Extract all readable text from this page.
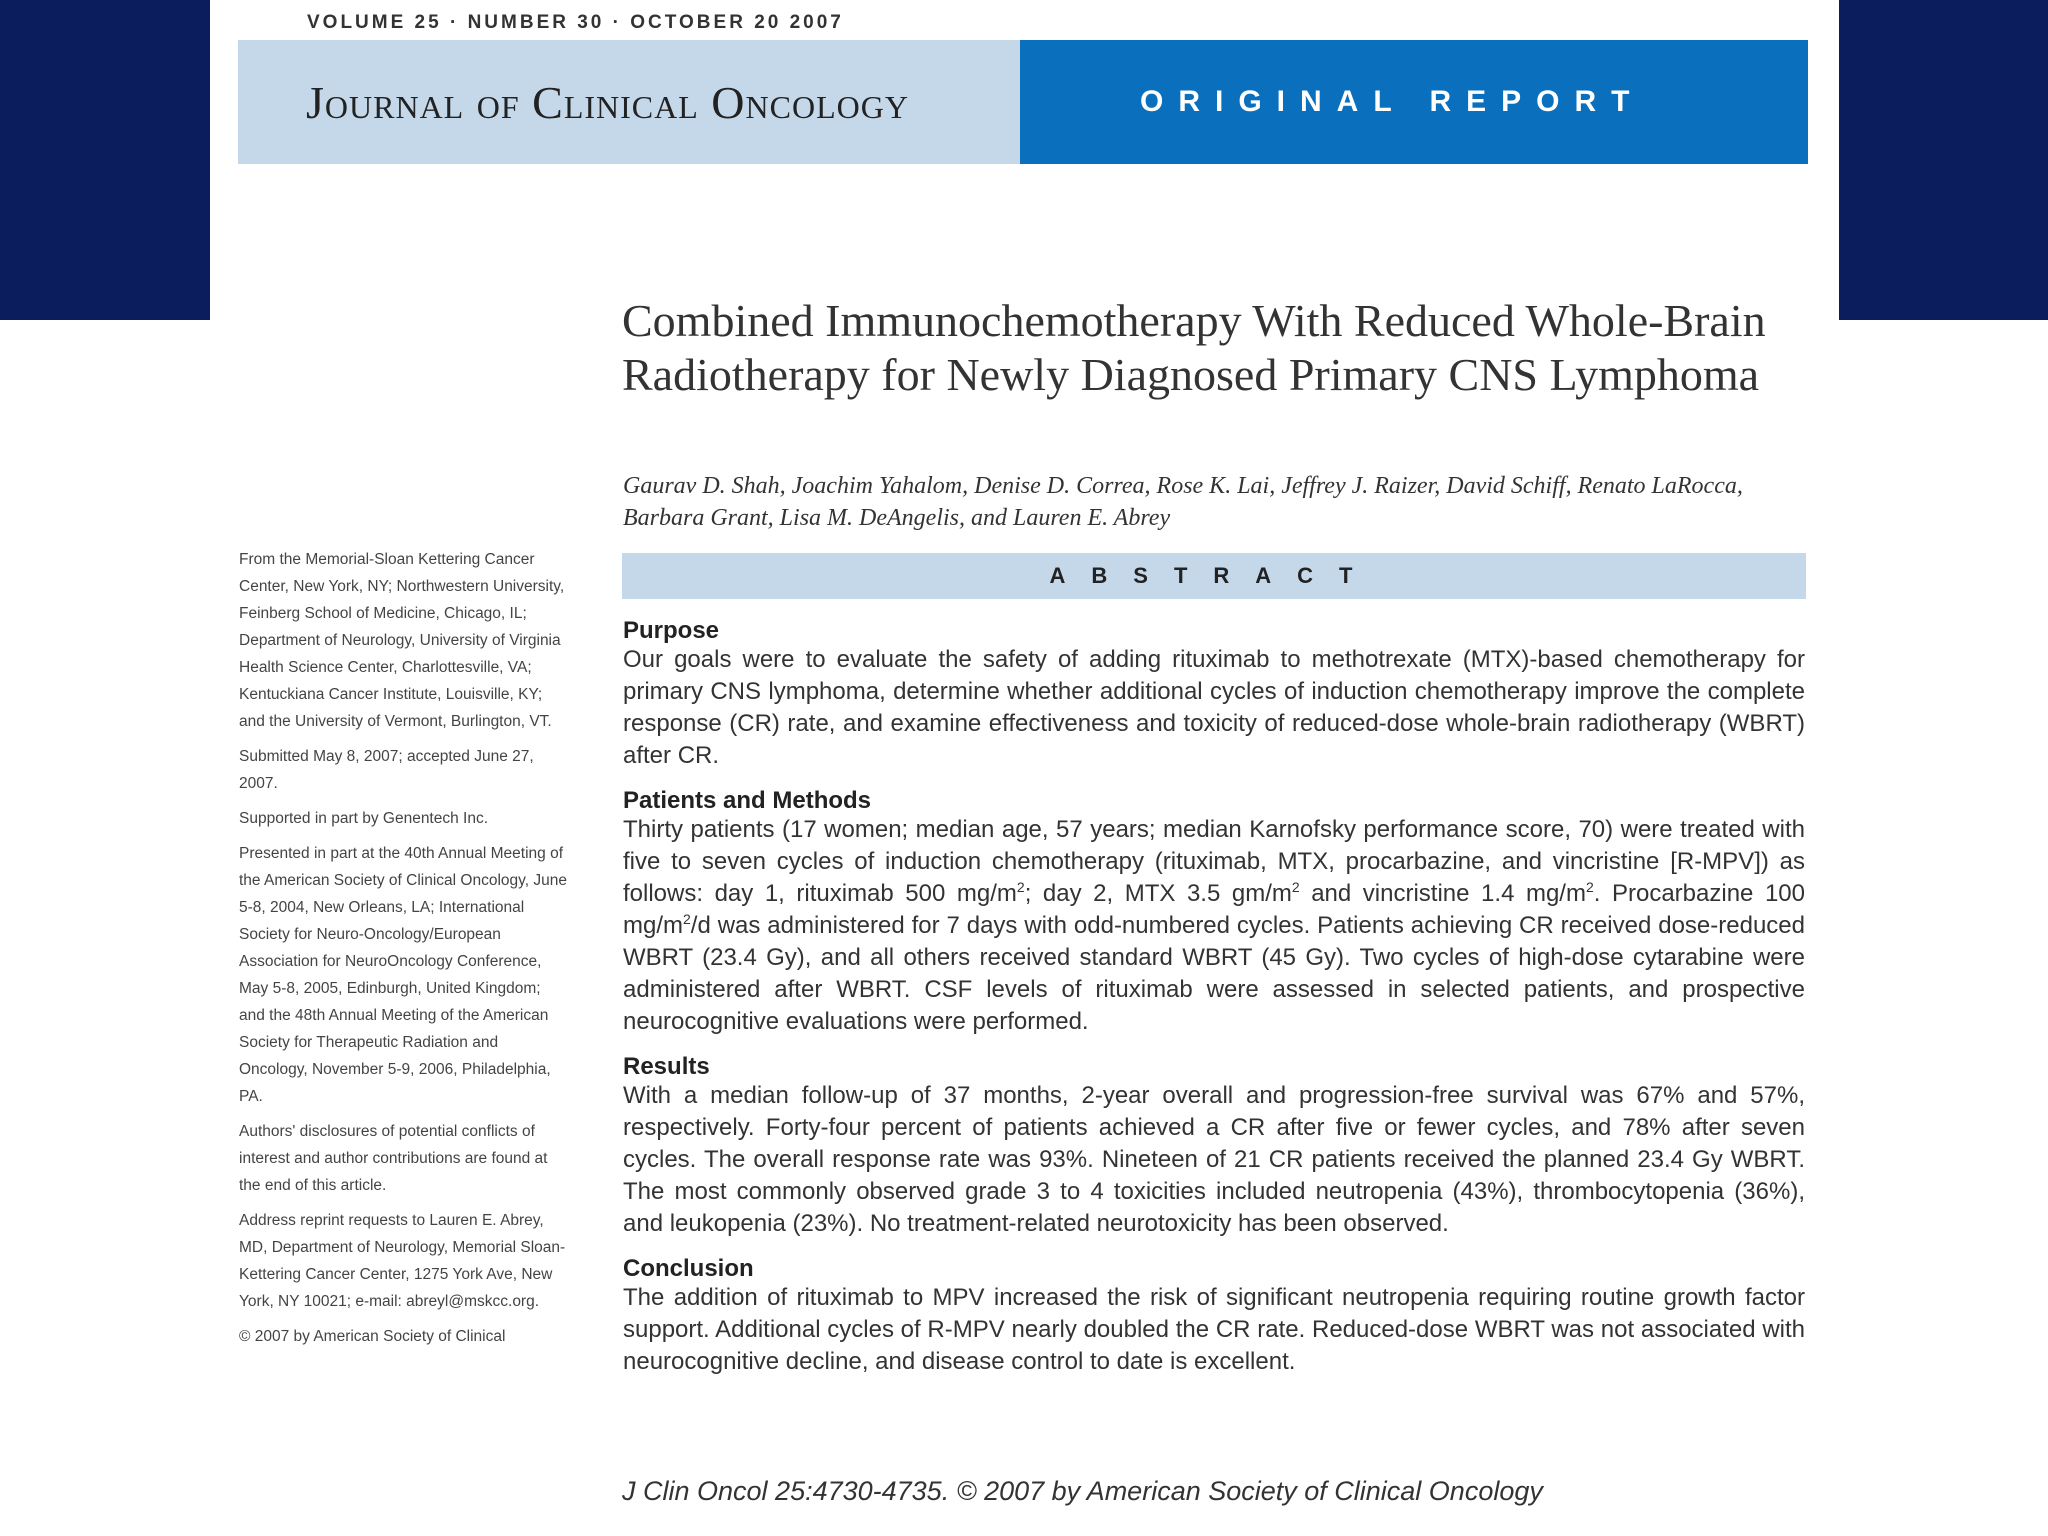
VOLUME 25 · NUMBER 30 · OCTOBER 20 2007
Journal of Clinical Oncology	ORIGINAL REPORT
Combined Immunochemotherapy With Reduced Whole-Brain Radiotherapy for Newly Diagnosed Primary CNS Lymphoma

Gaurav D. Shah, Joachim Yahalom, Denise D. Correa, Rose K. Lai, Jeffrey J. Raizer, David Schiff, Renato LaRocca, Barbara Grant, Lisa M. DeAngelis, and Lauren E. Abrey

From the Memorial-Sloan Kettering Cancer Center, New York, NY; Northwestern University, Feinberg School of Medicine, Chicago, IL; Department of Neurology, University of Virginia Health Science Center, Charlottesville, VA; Kentuckiana Cancer Institute, Louisville, KY; and the University of Vermont, Burlington, VT.

Submitted May 8, 2007; accepted June 27, 2007.

Supported in part by Genentech Inc.

Presented in part at the 40th Annual Meeting of the American Society of Clinical Oncology, June 5-8, 2004, New Orleans, LA; International Society for Neuro-Oncology/European Association for NeuroOncology Conference, May 5-8, 2005, Edinburgh, United Kingdom; and the 48th Annual Meeting of the American Society for Therapeutic Radiation and Oncology, November 5-9, 2006, Philadelphia, PA.

Authors' disclosures of potential conflicts of interest and author contributions are found at the end of this article.

Address reprint requests to Lauren E. Abrey, MD, Department of Neurology, Memorial Sloan-Kettering Cancer Center, 1275 York Ave, New York, NY 10021; e-mail: abreyl@mskcc.org.

© 2007 by American Society of Clinical

ABSTRACT

Purpose

Our goals were to evaluate the safety of adding rituximab to methotrexate (MTX)-based chemotherapy for primary CNS lymphoma, determine whether additional cycles of induction chemotherapy improve the complete response (CR) rate, and examine effectiveness and toxicity of reduced-dose whole-brain radiotherapy (WBRT) after CR.

Patients and Methods

Thirty patients (17 women; median age, 57 years; median Karnofsky performance score, 70) were treated with five to seven cycles of induction chemotherapy (rituximab, MTX, procarbazine, and vincristine [R-MPV]) as follows: day 1, rituximab 500 $mg/m^2$; day 2, MTX 3.5 $gm/m^2$ and vincristine 1.4 $mg/m^2$. Procarbazine 100 $mg/m^2/d$ was administered for 7 days with odd-numbered cycles. Patients achieving CR received dose-reduced WBRT (23.4 Gy), and all others received standard WBRT (45 Gy). Two cycles of high-dose cytarabine were administered after WBRT. CSF levels of rituximab were assessed in selected patients, and prospective neurocognitive evaluations were performed.

Results

With a median follow-up of 37 months, 2-year overall and progression-free survival was 67% and 57%, respectively. Forty-four percent of patients achieved a CR after five or fewer cycles, and 78% after seven cycles. The overall response rate was 93%. Nineteen of 21 CR patients received the planned 23.4 Gy WBRT. The most commonly observed grade 3 to 4 toxicities included neutropenia (43%), thrombocytopenia (36%), and leukopenia (23%). No treatment-related neurotoxicity has been observed.

Conclusion

The addition of rituximab to MPV increased the risk of significant neutropenia requiring routine growth factor support. Additional cycles of R-MPV nearly doubled the CR rate. Reduced-dose WBRT was not associated with neurocognitive decline, and disease control to date is excellent.

J Clin Oncol 25:4730-4735. © 2007 by American Society of Clinical Oncology
